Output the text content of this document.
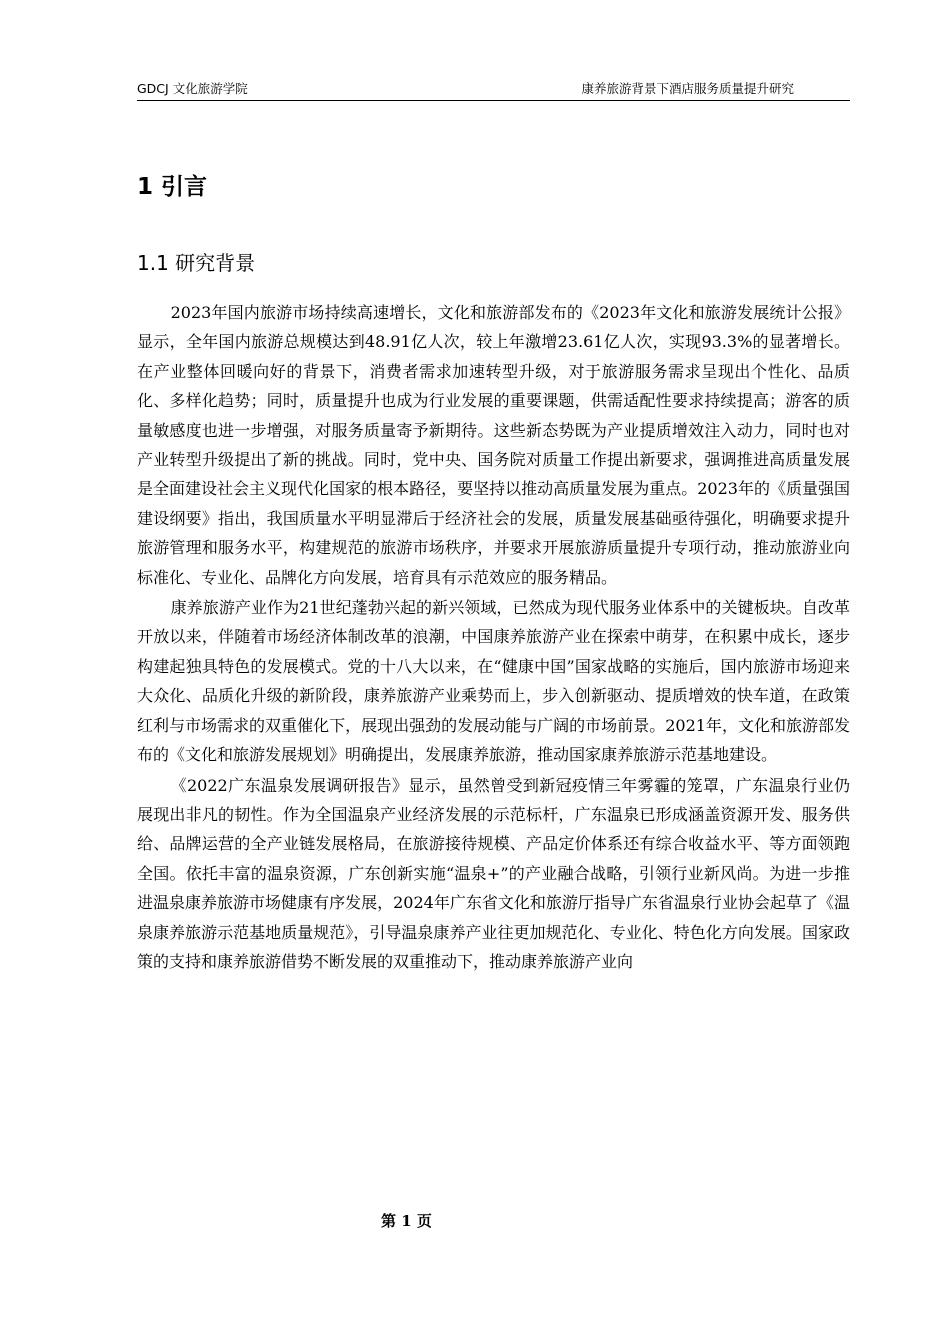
GDCJ 文化旅游学院	康养旅游背景下酒店服务质量提升研究
1 引言
1.1 研究背景

2023年国内旅游市场持续高速增长，文化和旅游部发布的《2023年文化和旅游发展统计公报》显示，全年国内旅游总规模达到48.91亿人次，较上年激增23.61亿人次，实现93.3%的显著增长。在产业整体回暖向好的背景下，消费者需求加速转型升级，对于旅游服务需求呈现出个性化、品质化、多样化趋势；同时，质量提升也成为行业发展的重要课题，供需适配性要求持续提高；游客的质量敏感度也进一步增强，对服务质量寄予新期待。这些新态势既为产业提质增效注入动力，同时也对产业转型升级提出了新的挑战。同时，党中央、国务院对质量工作提出新要求，强调推进高质量发展是全面建设社会主义现代化国家的根本路径，要坚持以推动高质量发展为重点。2023年的《质量强国建设纲要》指出，我国质量水平明显滞后于经济社会的发展，质量发展基础亟待强化，明确要求提升旅游管理和服务水平，构建规范的旅游市场秩序，并要求开展旅游质量提升专项行动，推动旅游业向标准化、专业化、品牌化方向发展，培育具有示范效应的服务精品。

康养旅游产业作为21世纪蓬勃兴起的新兴领域，已然成为现代服务业体系中的关键板块。自改革开放以来，伴随着市场经济体制改革的浪潮，中国康养旅游产业在探索中萌芽，在积累中成长，逐步构建起独具特色的发展模式。党的十八大以来，在“健康中国”国家战略的实施后，国内旅游市场迎来大众化、品质化升级的新阶段，康养旅游产业乘势而上，步入创新驱动、提质增效的快车道，在政策红利与市场需求的双重催化下，展现出强劲的发展动能与广阔的市场前景。2021年，文化和旅游部发布的《文化和旅游发展规划》明确提出，发展康养旅游，推动国家康养旅游示范基地建设。

《2022广东温泉发展调研报告》显示，虽然曾受到新冠疫情三年雾霾的笼罩，广东温泉行业仍展现出非凡的韧性。作为全国温泉产业经济发展的示范标杆，广东温泉已形成涵盖资源开发、服务供给、品牌运营的全产业链发展格局，在旅游接待规模、产品定价体系还有综合收益水平、等方面领跑全国。依托丰富的温泉资源，广东创新实施“温泉+”的产业融合战略，引领行业新风尚。为进一步推进温泉康养旅游市场健康有序发展，2024年广东省文化和旅游厅指导广东省温泉行业协会起草了《温泉康养旅游示范基地质量规范》，引导温泉康养产业往更加规范化、专业化、特色化方向发展。国家政策的支持和康养旅游借势不断发展的双重推动下，推动康养旅游产业向

第 1 页
